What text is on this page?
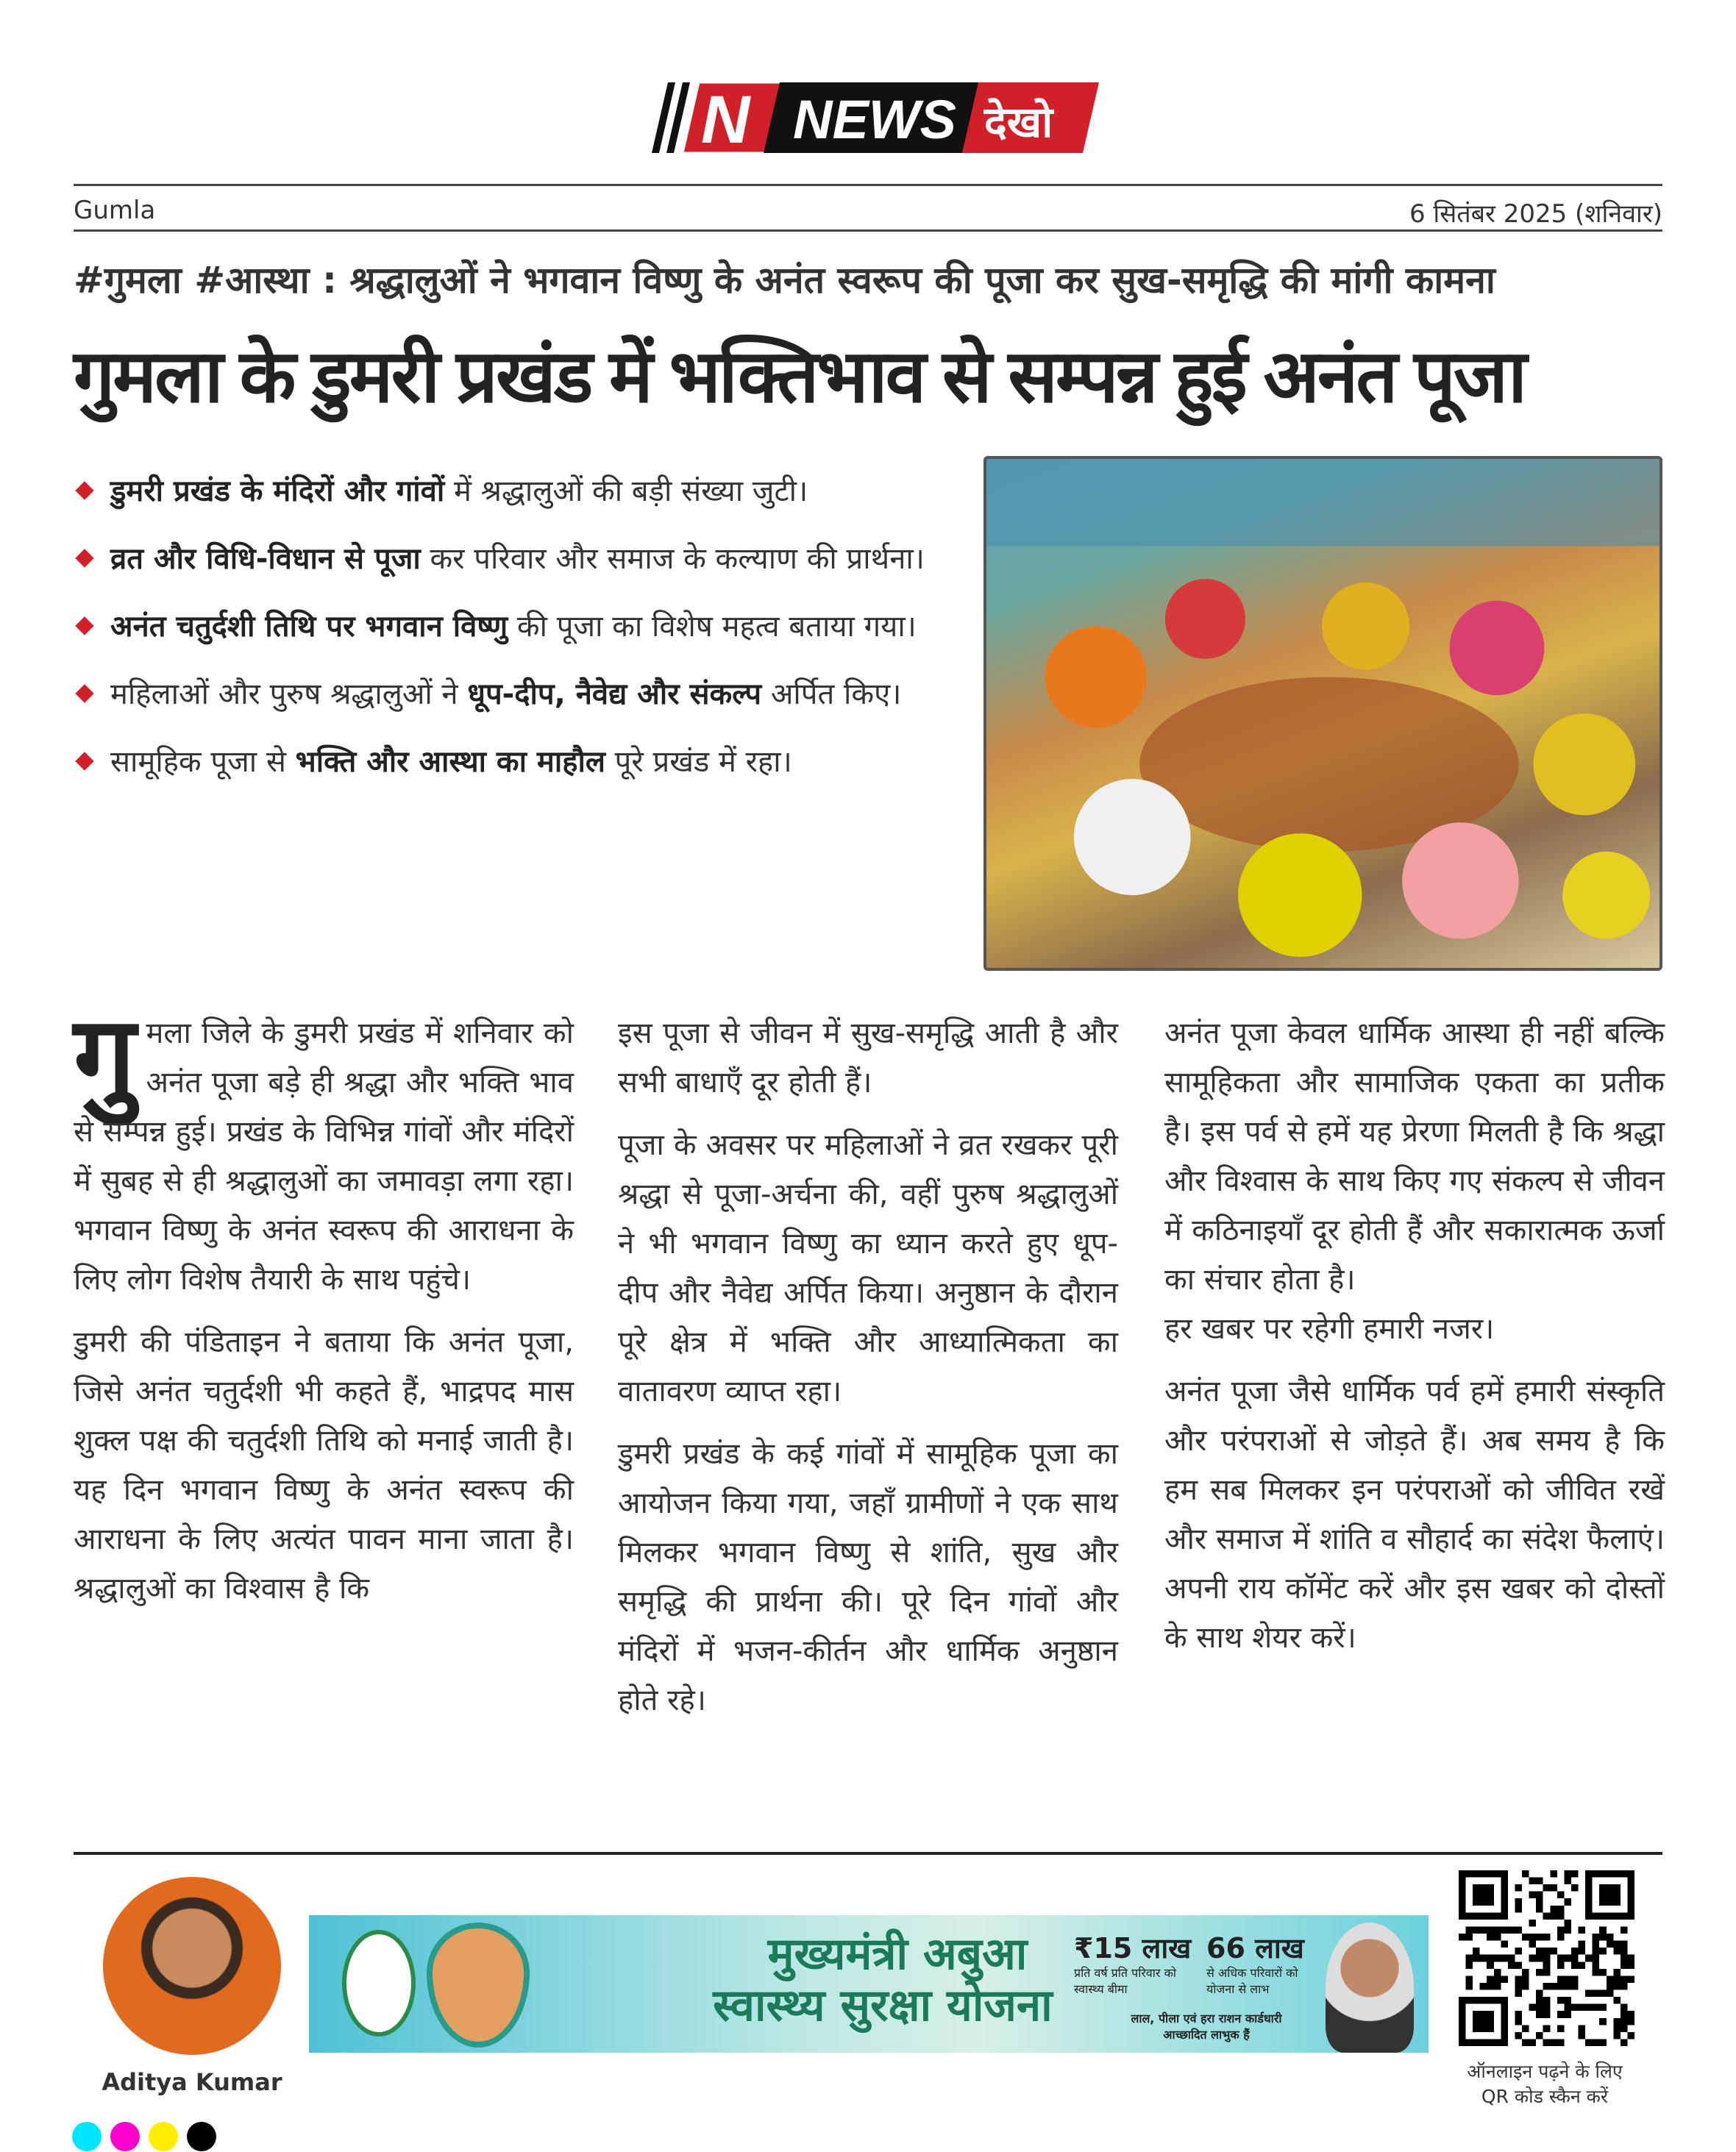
N NEWS देखो
Gumla	6 सितंबर 2025 (शनिवार)
#गुमला #आस्था : श्रद्धालुओं ने भगवान विष्णु के अनंत स्वरूप की पूजा कर सुख-समृद्धि की मांगी कामना
गुमला के डुमरी प्रखंड में भक्तिभाव से सम्पन्न हुई अनंत पूजा
डुमरी प्रखंड के मंदिरों और गांवों में श्रद्धालुओं की बड़ी संख्या जुटी।
व्रत और विधि-विधान से पूजा कर परिवार और समाज के कल्याण की प्रार्थना।
अनंत चतुर्दशी तिथि पर भगवान विष्णु की पूजा का विशेष महत्व बताया गया।
महिलाओं और पुरुष श्रद्धालुओं ने धूप-दीप, नैवेद्य और संकल्प अर्पित किए।
सामूहिक पूजा से भक्ति और आस्था का माहौल पूरे प्रखंड में रहा।

गुमला जिले के डुमरी प्रखंड में शनिवार को अनंत पूजा बड़े ही श्रद्धा और भक्ति भाव से सम्पन्न हुई। प्रखंड के विभिन्न गांवों और मंदिरों में सुबह से ही श्रद्धालुओं का जमावड़ा लगा रहा। भगवान विष्णु के अनंत स्वरूप की आराधना के लिए लोग विशेष तैयारी के साथ पहुंचे।

डुमरी की पंडिताइन ने बताया कि अनंत पूजा, जिसे अनंत चतुर्दशी भी कहते हैं, भाद्रपद मास शुक्ल पक्ष की चतुर्दशी तिथि को मनाई जाती है। यह दिन भगवान विष्णु के अनंत स्वरूप की आराधना के लिए अत्यंत पावन माना जाता है। श्रद्धालुओं का विश्वास है कि

इस पूजा से जीवन में सुख-समृद्धि आती है और सभी बाधाएँ दूर होती हैं।

पूजा के अवसर पर महिलाओं ने व्रत रखकर पूरी श्रद्धा से पूजा-अर्चना की, वहीं पुरुष श्रद्धालुओं ने भी भगवान विष्णु का ध्यान करते हुए धूप-दीप और नैवेद्य अर्पित किया। अनुष्ठान के दौरान पूरे क्षेत्र में भक्ति और आध्यात्मिकता का वातावरण व्याप्त रहा।

डुमरी प्रखंड के कई गांवों में सामूहिक पूजा का आयोजन किया गया, जहाँ ग्रामीणों ने एक साथ मिलकर भगवान विष्णु से शांति, सुख और समृद्धि की प्रार्थना की। पूरे दिन गांवों और मंदिरों में भजन-कीर्तन और धार्मिक अनुष्ठान होते रहे।

अनंत पूजा केवल धार्मिक आस्था ही नहीं बल्कि सामूहिकता और सामाजिक एकता का प्रतीक है। इस पर्व से हमें यह प्रेरणा मिलती है कि श्रद्धा और विश्वास के साथ किए गए संकल्प से जीवन में कठिनाइयाँ दूर होती हैं और सकारात्मक ऊर्जा का संचार होता है।

हर खबर पर रहेगी हमारी नजर।

अनंत पूजा जैसे धार्मिक पर्व हमें हमारी संस्कृति और परंपराओं से जोड़ते हैं। अब समय है कि हम सब मिलकर इन परंपराओं को जीवित रखें और समाज में शांति व सौहार्द का संदेश फैलाएं। अपनी राय कॉमेंट करें और इस खबर को दोस्तों के साथ शेयर करें।

Aditya Kumar
मुख्यमंत्री अबुआ
स्वास्थ्य सुरक्षा योजना
₹15 लाख
प्रति वर्ष प्रति परिवार को स्वास्थ्य बीमा
66 लाख
से अधिक परिवारों को योजना से लाभ
लाल, पीला एवं हरा राशन कार्डधारी आच्छादित लाभुक हैं
ऑनलाइन पढ़ने के लिए
QR कोड स्कैन करें
